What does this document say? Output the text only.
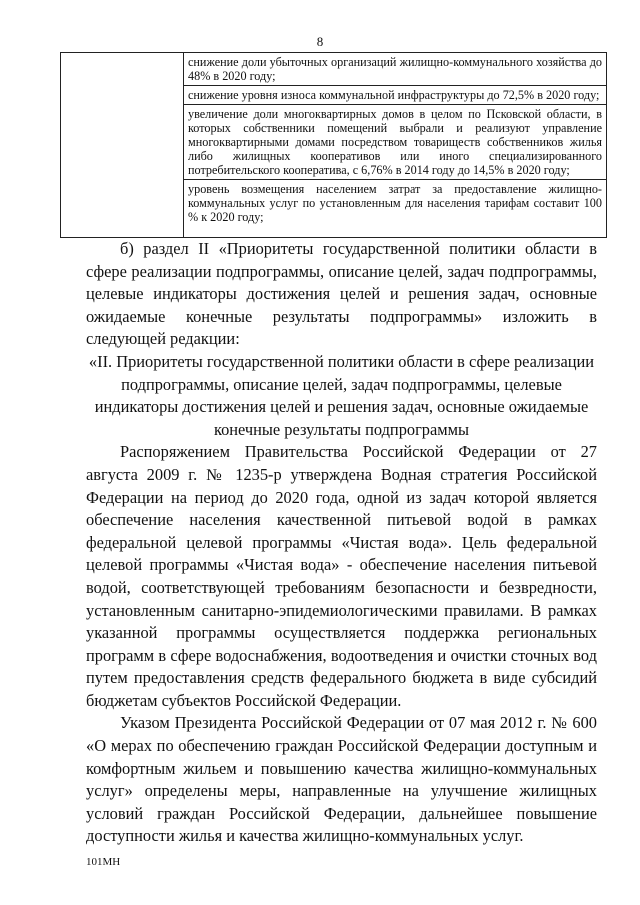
8
снижение доли убыточных организаций жилищно-коммунального хозяйства до 48% в 2020 году;
снижение уровня износа коммунальной инфраструктуры до 72,5% в 2020 году;
увеличение доли многоквартирных домов в целом по Псковской области, в которых собственники помещений выбрали и реализуют управление многоквартирными домами посредством товариществ собственников жилья либо жилищных кооперативов или иного специализированного потребительского кооператива, с 6,76% в 2014 году до 14,5% в 2020 году;
уровень возмещения населением затрат за предоставление жилищно-коммунальных услуг по установленным для населения тарифам составит 100 % к 2020 году;

б) раздел II «Приоритеты государственной политики области в сфере реализации подпрограммы, описание целей, задач подпрограммы, целевые индикаторы достижения целей и решения задач, основные ожидаемые конечные результаты подпрограммы» изложить в следующей редакции:

«II. Приоритеты государственной политики области в сфере реализации подпрограммы, описание целей, задач подпрограммы, целевые индикаторы достижения целей и решения задач, основные ожидаемые конечные результаты подпрограммы

Распоряжением Правительства Российской Федерации от 27 августа 2009 г. № 1235-р утверждена Водная стратегия Российской Федерации на период до 2020 года, одной из задач которой является обеспечение населения качественной питьевой водой в рамках федеральной целевой программы «Чистая вода». Цель федеральной целевой программы «Чистая вода» - обеспечение населения питьевой водой, соответствующей требованиям безопасности и безвредности, установленным санитарно-эпидемиологическими правилами. В рамках указанной программы осуществляется поддержка региональных программ в сфере водоснабжения, водоотведения и очистки сточных вод путем предоставления средств федерального бюджета в виде субсидий бюджетам субъектов Российской Федерации.

Указом Президента Российской Федерации от 07 мая 2012 г. № 600 «О мерах по обеспечению граждан Российской Федерации доступным и комфортным жильем и повышению качества жилищно-коммунальных услуг» определены меры, направленные на улучшение жилищных условий граждан Российской Федерации, дальнейшее повышение доступности жилья и качества жилищно-коммунальных услуг.

101МН
